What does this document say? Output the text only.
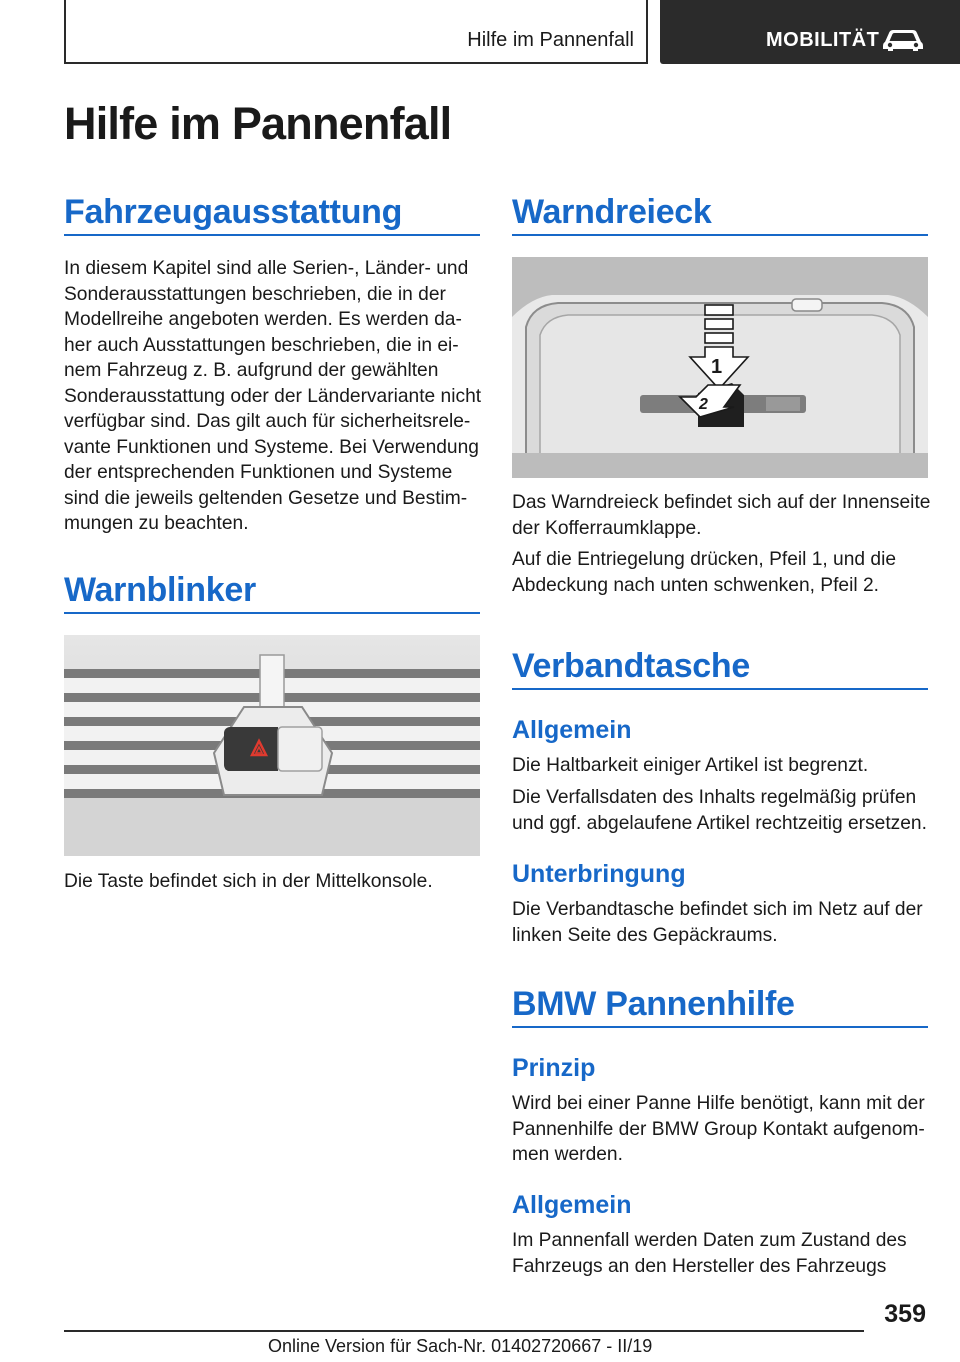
Hilfe im Pannenfall	MOBILITÄT
Hilfe im Pannenfall
Fahrzeugausstattung
In diesem Kapitel sind alle Serien‐, Länder‐ und
Sonderausstattungen beschrieben, die in der
Modellreihe angeboten werden. Es werden da‐
her auch Ausstattungen beschrieben, die in ei‐
nem Fahrzeug z. B. aufgrund der gewählten
Sonderausstattung oder der Ländervariante nicht
verfügbar sind. Das gilt auch für sicherheitsrele‐
vante Funktionen und Systeme. Bei Verwendung
der entsprechenden Funktionen und Systeme
sind die jeweils geltenden Gesetze und Bestim‐
mungen zu beachten.
Warnblinker
Die Taste befindet sich in der Mittelkonsole.
Warndreieck
1
2
Das Warndreieck befindet sich auf der Innenseite
der Kofferraumklappe.
Auf die Entriegelung drücken, Pfeil 1, und die
Abdeckung nach unten schwenken, Pfeil 2.
Verbandtasche
Allgemein
Die Haltbarkeit einiger Artikel ist begrenzt.
Die Verfallsdaten des Inhalts regelmäßig prüfen
und ggf. abgelaufene Artikel rechtzeitig ersetzen.
Unterbringung
Die Verbandtasche befindet sich im Netz auf der
linken Seite des Gepäckraums.
BMW Pannenhilfe
Prinzip
Wird bei einer Panne Hilfe benötigt, kann mit der
Pannenhilfe der BMW Group Kontakt aufgenom‐
men werden.
Allgemein
Im Pannenfall werden Daten zum Zustand des
Fahrzeugs an den Hersteller des Fahrzeugs
359
Online Version für Sach-Nr. 01402720667 - II/19
